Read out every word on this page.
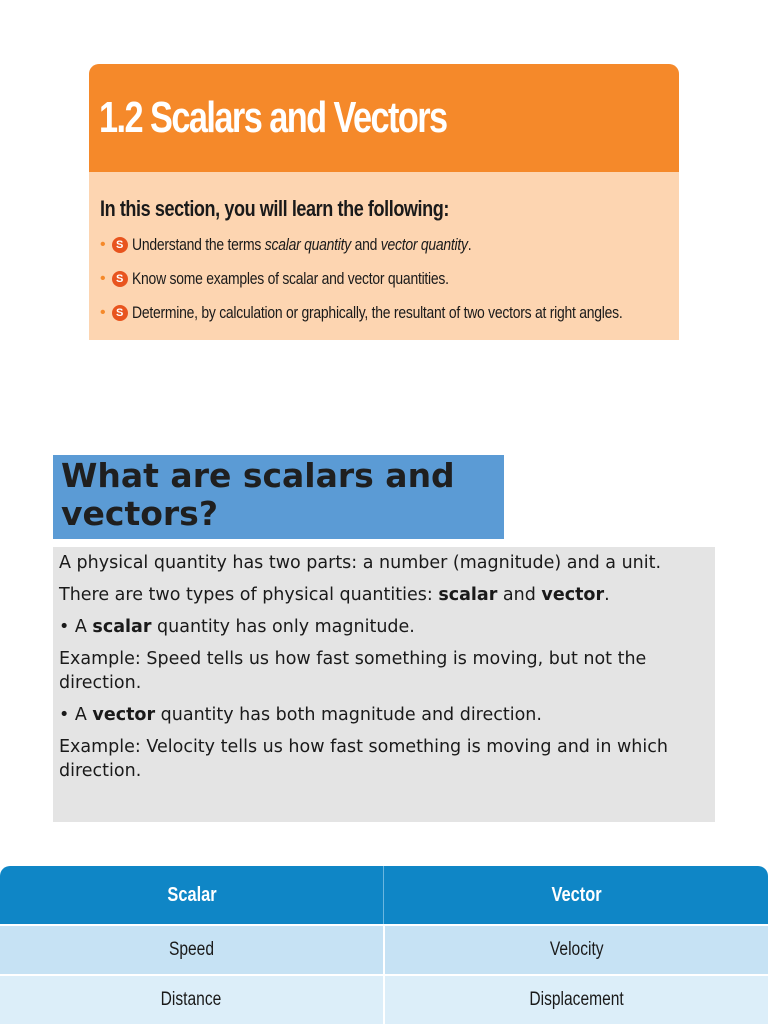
1.2 Scalars and Vectors
In this section, you will learn the following:
• S Understand the terms scalar quantity and vector quantity.
• S Know some examples of scalar and vector quantities.
• S Determine, by calculation or graphically, the resultant of two vectors at right angles.
What are scalars and vectors?

A physical quantity has two parts: a number (magnitude) and a unit.

There are two types of physical quantities: scalar and vector.

• A scalar quantity has only magnitude.

Example: Speed tells us how fast something is moving, but not the direction.

• A vector quantity has both magnitude and direction.

Example: Velocity tells us how fast something is moving and in which direction.

Scalar	Vector
Speed	Velocity
Distance	Displacement
